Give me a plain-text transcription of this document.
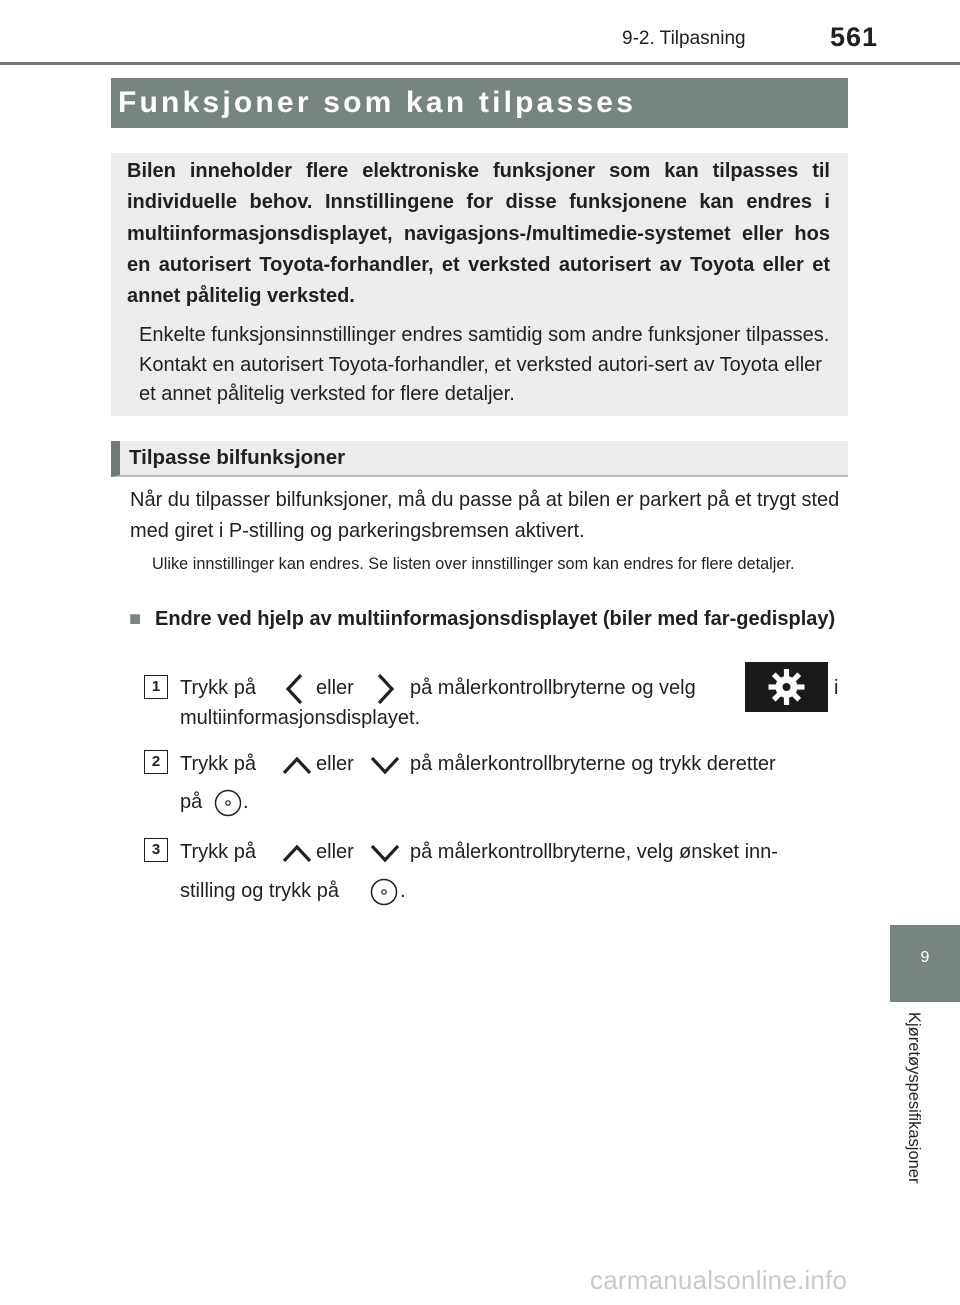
9-2. Tilpasning	561
Funksjoner som kan tilpasses

Bilen inneholder flere elektroniske funksjoner som kan tilpasses til individuelle behov. Innstillingene for disse funksjonene kan endres i multiinformasjonsdisplayet, navigasjons-/multimedie-systemet eller hos en autorisert Toyota-forhandler, et verksted autorisert av Toyota eller et annet pålitelig verksted.

Enkelte funksjonsinnstillinger endres samtidig som andre funksjoner tilpasses. Kontakt en autorisert Toyota-forhandler, et verksted autori-sert av Toyota eller et annet pålitelig verksted for flere detaljer.

Tilpasse bilfunksjoner
Når du tilpasser bilfunksjoner, må du passe på at bilen er parkert på et trygt sted med giret i P-stilling og parkeringsbremsen aktivert.
Ulike innstillinger kan endres. Se listen over innstillinger som kan endres for flere detaljer.
■ Endre ved hjelp av multiinformasjonsdisplayet (biler med far-gedisplay)
1 Trykk på	eller	på målerkontrollbryterne og velg	i
multiinformasjonsdisplayet.
2 Trykk på	eller	på målerkontrollbryterne og trykk deretter
på .
3 Trykk på	eller	på målerkontrollbryterne, velg ønsket inn-
stilling og trykk på	.
9
Kjøretøyspesifikasjoner
carmanualsonline.info
